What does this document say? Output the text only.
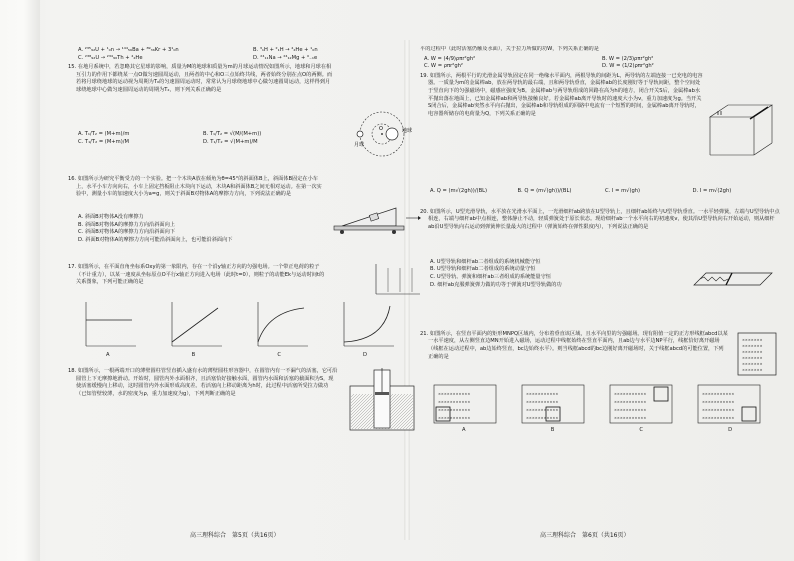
A. ²³⁵₉₂U + ¹₀n → ¹⁴⁴₅₆Ba + ⁸⁹₃₆Kr + 3¹₀n	B. ³₁H + ²₁H → ⁴₂He + ¹₀n
C. ²³⁸₉₂U → ²³⁴₉₀Th + ⁴₂He	D. ²⁴₁₁Na → ²⁴₁₂Mg + ⁰₋₁e

15. 在地月系统中，若忽略其它星球的影响，质量为M的地球和质量为m的月球运动情况如图所示，地球和月球在相互引力的作用下都绕某一点O做匀速圆周运动，且两者的中心和O三点始终共线，两者始终分别在点O的两侧。而若将月球绕地球的运动视为周期为T₀的匀速圆周运动时，常常认为月球绕地球中心做匀速圆周运动，这样得到月球绕地球中心做匀速圆周运动的周期为T₂，则下列关系正确的是

A. T₁/T₂ = (M+m)/m	B. T₁/T₂ = √(M/(M+m))
C. T₁/T₂ = (M+m)/M	D. T₁/T₂ = √(M+m)/M
月球
地球
O

16. 如图所示为研究平衡受力的一个实验。把一个木块A放在倾角为θ=45°的斜面体B上，斜面体B固定在小车上，水平小车方向向右，小车上固定挡板阻止木块向下运动，木块A和斜面体B之间无相对运动。在第一次实验中，测量小车的加速度大小为a=g，则关于斜面B对物体A的摩擦力方向，下列说法正确的是

A. 斜面B对物体A没有摩擦力
B. 斜面B对物体A的摩擦力方向沿斜面向上
C. 斜面B对物体A的摩擦力方向沿斜面向下
D. 斜面B对物体A的摩擦力方向可能沿斜面向上，也可能沿斜面向下

17. 如图所示，在平面直角坐标系Oxy的第一象限内，存在一个沿y轴正方向的匀强电场。一个带正电荷的粒子（不计重力），以某一速度从坐标原点O平行x轴正方向进入电场（此时t=0），则粒子的动能Ek与运动时间t的关系图象，下列可能正确的是

A	B	C	D

18. 如图所示，一根两端开口的薄壁圆柱管竖直插入盛有水的薄壁圆柱形容器中，在圆管内有一不漏气的活塞，它可沿圆管上下无摩擦地滑动。开始时，圆管内外水面相齐，且活塞恰好接触水面，圆管内水面和活塞的截面积为S，现使活塞缓慢向上移动，这时圆管内外水面形成高度差。若活塞向上移动距离为h时，此过程中活塞所受拉力做功（已知管壁较薄，水的密度为ρ，重力加速度为g），下列判断正确的是

高三理科综合　第5页（共16页）

平的过程中（此时活塞仍触及水面），关于拉力所做的功W，下列关系正确的是

A. W = (4/9)ρπr²gh²	B. W = (2/3)ρπr²gh²
C. W = ρπr²gh²	D. W = (1/2)ρπr²gh²

19. 如图所示，两根平行的光滑金属导轨固定在同一绝缘水平面内，两根导轨的间距为L，两导轨的左端连接一已充电的电容器。一质量为m的金属棒ab，放在两导轨的最右端，且和两导轨垂直，金属棒ab的长度刚好等于导轨间距，整个空间处于竖直向下的匀强磁场中，磁感应强度为B。金属棒ab与两导轨组成的回路在高为h的地方，闭合开关S后，金属棒ab水平抛出落在地面上，已知金属棒ab和两导轨接触良好。若金属棒ab离开导轨时的速度大小为v，重力加速度为g。当开关S闭合后，金属棒ab突然水平向右抛出，金属棒ab和导轨组成的回路中电流有一个短暂的时间，金属棒ab离开导轨时，电容器所储存的电荷量为Q，下列关系正确的是

A. Q = (m√(2gh))/(BL)	B. Q = (m√(gh))/(BL)	C. I = m√(gh)	D. I = m√(2gh)

20. 如图所示，U型光滑导轨，水平放在光滑水平面上，一光滑细杆ab跨放在U型导轨上，且细杆ab始终与U型导轨垂直。一水平轻弹簧，左端与U型导轨中点相连，右端与细杆ab中点相连，整体静止不动，轻质弹簧处于原长状态。现给细杆ab一个水平向右的初速度v，使其沿U型导轨向右开始运动，则从细杆ab沿U型导轨向右运动到弹簧伸长量最大的过程中（弹簧始终在弹性限度内），下列说法正确的是

A. U型导轨和细杆ab二者组成的系统机械能守恒
B. U型导轨和细杆ab二者组成的系统动量守恒
C. U型导轨、弹簧和细杆ab三者组成的系统能量守恒
D. 细杆ab克服弹簧弹力做的功等于弹簧对U型导轨做的功

21. 如图所示，在竖直平面内的矩形MNPQ区域内，分布着垂直该区域，且水平向里的匀强磁场。现有阻值一定的正方形线框abcd以某一水平速度，从左侧竖直边MN开始进入磁场，运动过程中线框始终在竖直平面内，且ab边与水平边NP平行，线框恰好离开磁场（线框在运动过程中，ab边始终竖直，bc边始终水平）。则当线框abcd的bc边刚好离开磁场时，关于线框abcd的可能位置，下列正确的是

×××××××
×××××××
×××××××
×××××××
×××××××
×××××××
×××××××××××
×××××××××××
×××××××××××
×××××××××××
×××××××××××
×××××××××××
×××××××××××
×××××××××××
×××××××××××
×××××××××××
×××××××××××
×××××××××××
×××××××××××
×××××××××××
×××××××××××
×××××××××××
A	B	C	D
高三理科综合　第6页（共16页）
